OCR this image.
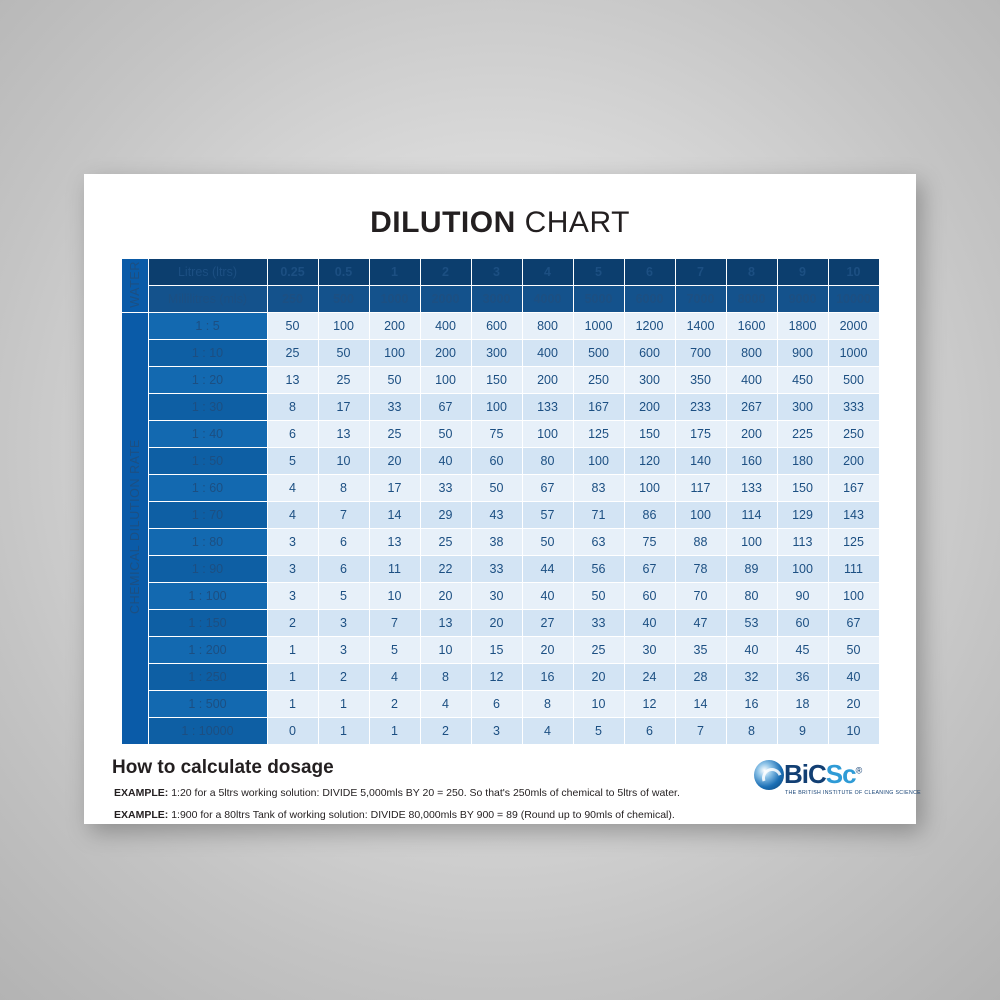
DILUTION CHART
WATER	Litres (ltrs)	0.25	0.5	1	2	3	4	5	6	7	8	9	10
	Millilitres (mls)	250	500	1000	2000	3000	4000	5000	6000	7000	8000	9000	10000
CHEMICAL DILUTION RATE	1 : 5	50	100	200	400	600	800	1000	1200	1400	1600	1800	2000
	1 : 10	25	50	100	200	300	400	500	600	700	800	900	1000
	1 : 20	13	25	50	100	150	200	250	300	350	400	450	500
	1 : 30	8	17	33	67	100	133	167	200	233	267	300	333
	1 : 40	6	13	25	50	75	100	125	150	175	200	225	250
	1 : 50	5	10	20	40	60	80	100	120	140	160	180	200
	1 : 60	4	8	17	33	50	67	83	100	117	133	150	167
	1 : 70	4	7	14	29	43	57	71	86	100	114	129	143
	1 : 80	3	6	13	25	38	50	63	75	88	100	113	125
	1 : 90	3	6	11	22	33	44	56	67	78	89	100	111
	1 : 100	3	5	10	20	30	40	50	60	70	80	90	100
	1 : 150	2	3	7	13	20	27	33	40	47	53	60	67
	1 : 200	1	3	5	10	15	20	25	30	35	40	45	50
	1 : 250	1	2	4	8	12	16	20	24	28	32	36	40
	1 : 500	1	1	2	4	6	8	10	12	14	16	18	20
	1 : 10000	0	1	1	2	3	4	5	6	7	8	9	10
How to calculate dosage
EXAMPLE: 1:20 for a 5ltrs working solution: DIVIDE 5,000mls BY 20 = 250. So that's 250mls of chemical to 5ltrs of water.
EXAMPLE: 1:900 for a 80ltrs Tank of working solution: DIVIDE 80,000mls BY 900 = 89 (Round up to 90mls of chemical).
BiCSc®
THE BRITISH INSTITUTE OF CLEANING SCIENCE
